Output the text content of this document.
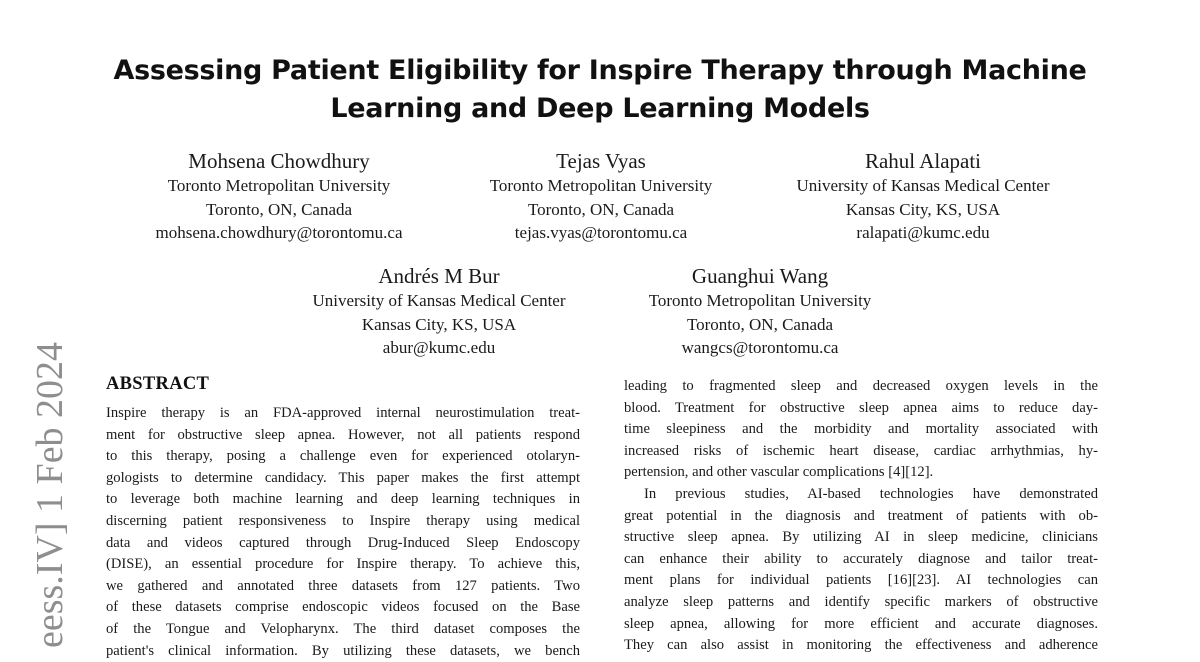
Assessing Patient Eligibility for Inspire Therapy through Machine
Learning and Deep Learning Models
Mohsena Chowdhury
Toronto Metropolitan University
Toronto, ON, Canada
mohsena.chowdhury@torontomu.ca
Tejas Vyas
Toronto Metropolitan University
Toronto, ON, Canada
tejas.vyas@torontomu.ca
Rahul Alapati
University of Kansas Medical Center
Kansas City, KS, USA
ralapati@kumc.edu
Andrés M Bur
University of Kansas Medical Center
Kansas City, KS, USA
abur@kumc.edu
Guanghui Wang
Toronto Metropolitan University
Toronto, ON, Canada
wangcs@torontomu.ca
eess.IV] 1 Feb 2024 ABSTRACT
Inspire therapy is an FDA-approved internal neurostimulation treat-
ment for obstructive sleep apnea. However, not all patients respond
to this therapy, posing a challenge even for experienced otolaryn-
gologists to determine candidacy. This paper makes the first attempt
to leverage both machine learning and deep learning techniques in
discerning patient responsiveness to Inspire therapy using medical
data and videos captured through Drug-Induced Sleep Endoscopy
(DISE), an essential procedure for Inspire therapy. To achieve this,
we gathered and annotated three datasets from 127 patients. Two
of these datasets comprise endoscopic videos focused on the Base
of the Tongue and Velopharynx. The third dataset composes the
patient's clinical information. By utilizing these datasets, we bench
leading to fragmented sleep and decreased oxygen levels in the
blood. Treatment for obstructive sleep apnea aims to reduce day-
time sleepiness and the morbidity and mortality associated with
increased risks of ischemic heart disease, cardiac arrhythmias, hy-
pertension, and other vascular complications [4][12].
In previous studies, AI-based technologies have demonstrated
great potential in the diagnosis and treatment of patients with ob-
structive sleep apnea. By utilizing AI in sleep medicine, clinicians
can enhance their ability to accurately diagnose and tailor treat-
ment plans for individual patients [16][23]. AI technologies can
analyze sleep patterns and identify specific markers of obstructive
sleep apnea, allowing for more efficient and accurate diagnoses.
They can also assist in monitoring the effectiveness and adherence
